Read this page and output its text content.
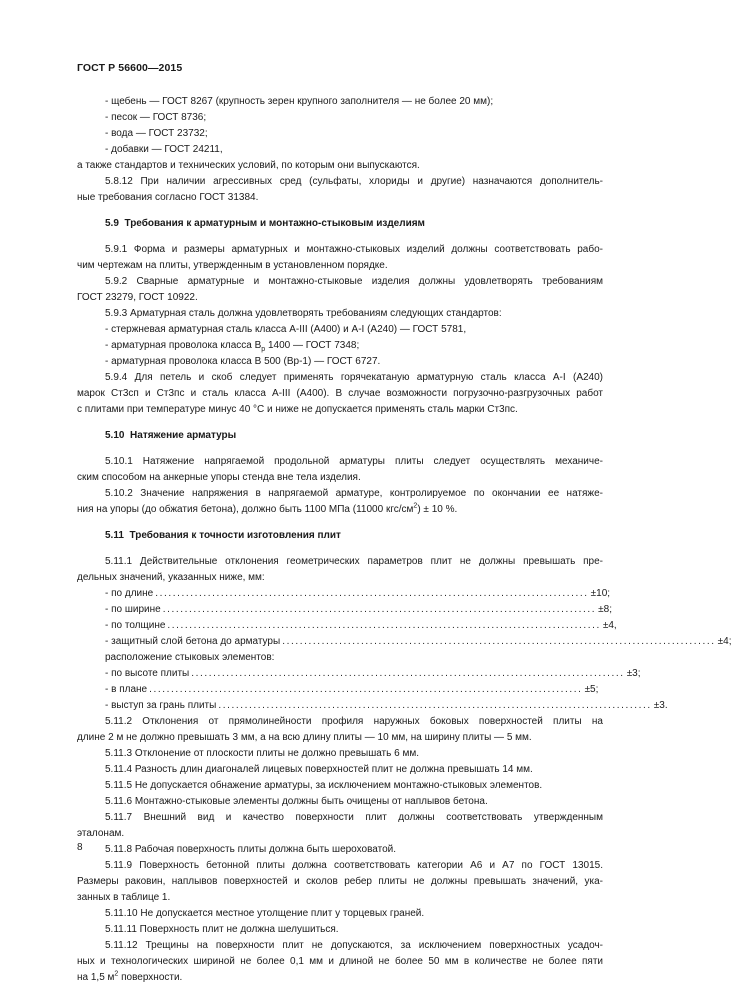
ГОСТ Р 56600—2015
- щебень — ГОСТ 8267 (крупность зерен крупного заполнителя — не более 20 мм);
- песок — ГОСТ 8736;
- вода — ГОСТ 23732;
- добавки — ГОСТ 24211,
а также стандартов и технических условий, по которым они выпускаются.
5.8.12 При наличии агрессивных сред (сульфаты, хлориды и другие) назначаются дополнитель-
ные требования согласно ГОСТ 31384.
5.9 Требования к арматурным и монтажно-стыковым изделиям
5.9.1 Форма и размеры арматурных и монтажно-стыковых изделий должны соответствовать рабо-
чим чертежам на плиты, утвержденным в установленном порядке.
5.9.2 Сварные арматурные и монтажно-стыковые изделия должны удовлетворять требованиям
ГОСТ 23279, ГОСТ 10922.
5.9.3 Арматурная сталь должна удовлетворять требованиям следующих стандартов:
- стержневая арматурная сталь класса А-III (А400) и А-I (А240) — ГОСТ 5781,
- арматурная проволока класса $В_р$ 1400 — ГОСТ 7348;
- арматурная проволока класса В 500 (Вр-1) — ГОСТ 6727.
5.9.4 Для петель и скоб следует применять горячекатаную арматурную сталь класса А-I (А240)
марок Ст3сп и Ст3пс и сталь класса А-III (А400). В случае возможности погрузочно-разгрузочных работ
с плитами при температуре минус 40 °С и ниже не допускается применять сталь марки Ст3пс.
5.10 Натяжение арматуры
5.10.1 Натяжение напрягаемой продольной арматуры плиты следует осуществлять механиче-
ским способом на анкерные упоры стенда вне тела изделия.
5.10.2 Значение напряжения в напрягаемой арматуре, контролируемое по окончании ее натяже-
ния на упоры (до обжатия бетона), должно быть 1100 МПа (11000 кгс/$см^2) \pm 10$ %.
5.11 Требования к точности изготовления плит
5.11.1 Действительные отклонения геометрических параметров плит не должны превышать пре-
дельных значений, указанных ниже, мм:
- по длине ................................................................................................... ±10;
- по ширине ................................................................................................... ±8;
- по толщине ................................................................................................... ±4,
- защитный слой бетона до арматуры ................................................................................................... ±4;
расположение стыковых элементов:
- по высоте плиты ................................................................................................... ±3;
- в плане ................................................................................................... ±5;
- выступ за грань плиты ................................................................................................... ±3.
5.11.2 Отклонения от прямолинейности профиля наружных боковых поверхностей плиты на
длине 2 м не должно превышать 3 мм, а на всю длину плиты — 10 мм, на ширину плиты — 5 мм.
5.11.3 Отклонение от плоскости плиты не должно превышать 6 мм.
5.11.4 Разность длин диагоналей лицевых поверхностей плит не должна превышать 14 мм.
5.11.5 Не допускается обнажение арматуры, за исключением монтажно-стыковых элементов.
5.11.6 Монтажно-стыковые элементы должны быть очищены от наплывов бетона.
5.11.7 Внешний вид и качество поверхности плит должны соответствовать утвержденным
эталонам.
5.11.8 Рабочая поверхность плиты должна быть шероховатой.
5.11.9 Поверхность бетонной плиты должна соответствовать категории А6 и А7 по ГОСТ 13015.
Размеры раковин, наплывов поверхностей и сколов ребер плиты не должны превышать значений, ука-
занных в таблице 1.
5.11.10 Не допускается местное утолщение плит у торцевых граней.
5.11.11 Поверхность плит не должна шелушиться.
5.11.12 Трещины на поверхности плит не допускаются, за исключением поверхностных усадоч-
ных и технологических шириной не более 0,1 мм и длиной не более 50 мм в количестве не более пяти
на 1,5 $м^2$ поверхности.
8
